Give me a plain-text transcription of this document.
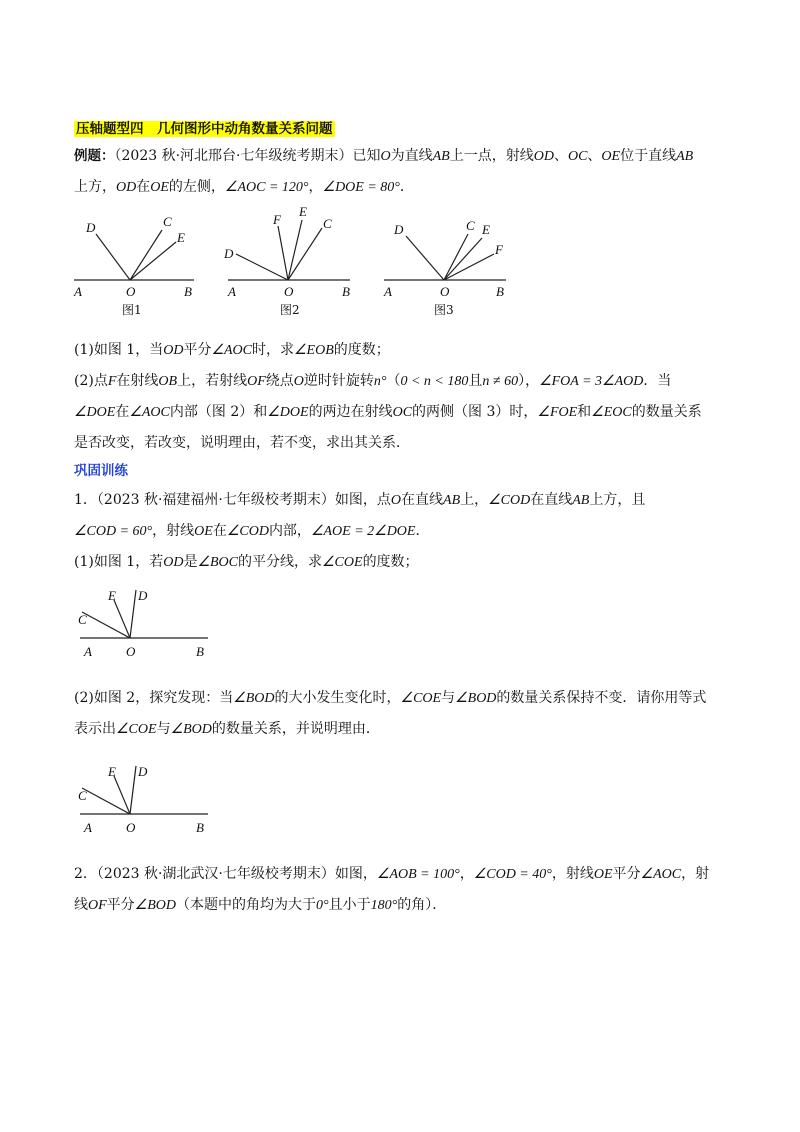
压轴题型四　几何图形中动角数量关系问题
例题：（2023 秋·河北邢台·七年级统考期末）已知O为直线AB上一点，射线OD、OC、OE位于直线AB
上方，OD在OE的左侧，∠AOC = 120°，∠DOE = 80°．
D	C
E
A	O	B
图1
D
F
E
C
A	O	B
图2
D	C E
F
A	O	B
图3
(1)如图 1，当OD平分∠AOC时，求∠EOB的度数；
(2)点F在射线OB上，若射线OF绕点O逆时针旋转n°（0 < n < 180且n ≠ 60），∠FOA = 3∠AOD．当
∠DOE在∠AOC内部（图 2）和∠DOE的两边在射线OC的两侧（图 3）时，∠FOE和∠EOC的数量关系
是否改变，若改变，说明理由，若不变，求出其关系．
巩固训练
1．（2023 秋·福建福州·七年级校考期末）如图，点O在直线AB上，∠COD在直线AB上方，且
∠COD = 60°，射线OE在∠COD内部，∠AOE = 2∠DOE．
(1)如图 1，若OD是∠BOC的平分线，求∠COE的度数；
E D
C
A	O	B
(2)如图 2，探究发现：当∠BOD的大小发生变化时，∠COE与∠BOD的数量关系保持不变．请你用等式
表示出∠COE与∠BOD的数量关系，并说明理由．
E D
C
A	O	B
2．（2023 秋·湖北武汉·七年级校考期末）如图，∠AOB = 100°，∠COD = 40°，射线OE平分∠AOC，射
线OF平分∠BOD（本题中的角均为大于0°且小于180°的角）．
